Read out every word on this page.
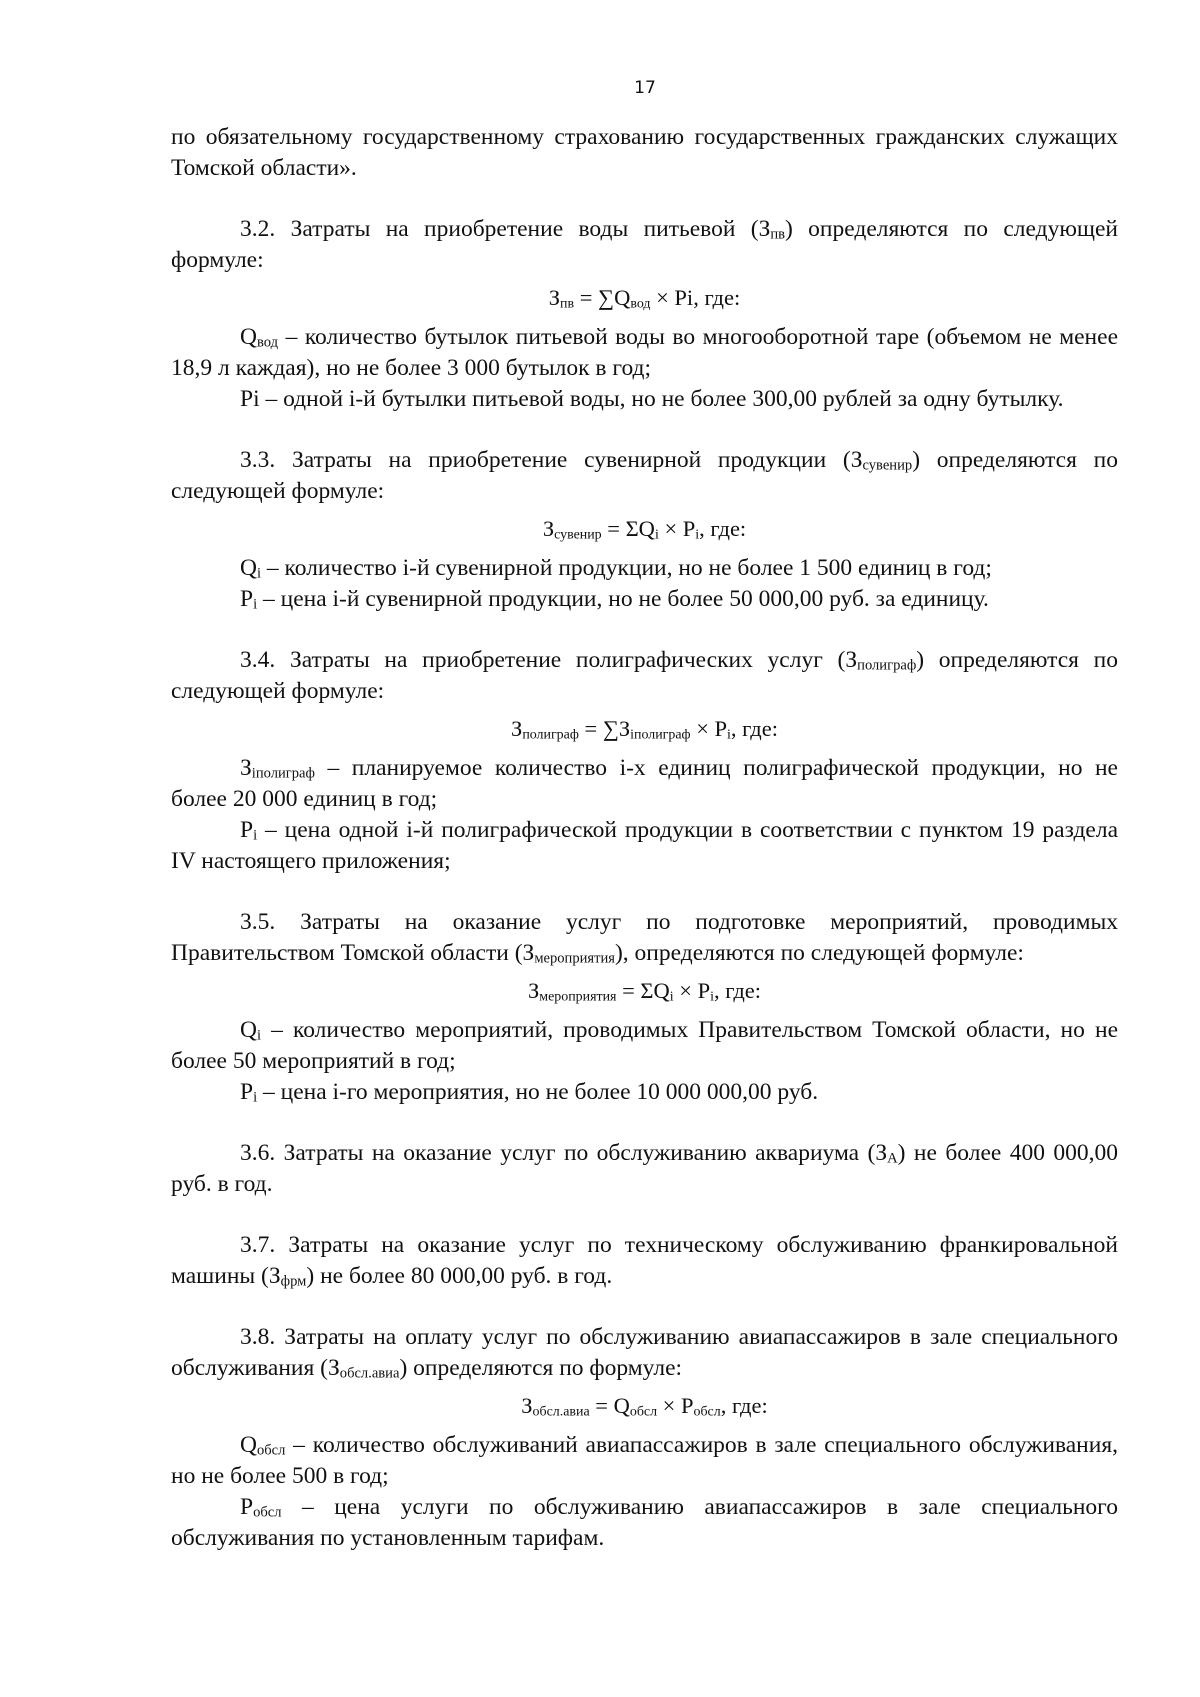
17

по обязательному государственному страхованию государственных гражданских служащих Томской области».

3.2. Затраты на приобретение воды питьевой $(З_{пв})$ определяются по следующей формуле:

$З_{пв} = \sum Q_{вод} \times Pi$, где:

$Q_{вод}$ – количество бутылок питьевой воды во многооборотной таре (объемом не менее 18,9 л каждая), но не более 3 000 бутылок в год;

Pi – одной i-й бутылки питьевой воды, но не более 300,00 рублей за одну бутылку.

3.3. Затраты на приобретение сувенирной продукции $(З_{сувенир})$ определяются по следующей формуле:

$З_{сувенир} = \Sigma Q_i \times P_i$, где:

$Q_i$ – количество i-й сувенирной продукции, но не более 1 500 единиц в год;

$P_i$ – цена i-й сувенирной продукции, но не более 50 000,00 руб. за единицу.

3.4. Затраты на приобретение полиграфических услуг $(З_{полиграф})$ определяются по следующей формуле:

$З_{полиграф} = \sum З_{iполиграф} \times P_i$, где:

$З_{iполиграф}$ – планируемое количество i-х единиц полиграфической продукции, но не более 20 000 единиц в год;

$P_i$ – цена одной i-й полиграфической продукции в соответствии с пунктом 19 раздела IV настоящего приложения;

3.5. Затраты на оказание услуг по подготовке мероприятий, проводимых Правительством Томской области $(З_{мероприятия})$, определяются по следующей формуле:

$З_{мероприятия} = \Sigma Q_i \times P_i$, где:

$Q_i$ – количество мероприятий, проводимых Правительством Томской области, но не более 50 мероприятий в год;

$P_i$ – цена i-го мероприятия, но не более 10 000 000,00 руб.

3.6. Затраты на оказание услуг по обслуживанию аквариума $(З_А)$ не более 400 000,00 руб. в год.

3.7. Затраты на оказание услуг по техническому обслуживанию франкировальной машины $(З_{фрм})$ не более 80 000,00 руб. в год.

3.8. Затраты на оплату услуг по обслуживанию авиапассажиров в зале специального обслуживания $(З_{обсл.авиа})$ определяются по формуле:

$З_{обсл.авиа} = Q_{обсл} \times P_{обсл}$, где:

$Q_{обсл}$ – количество обслуживаний авиапассажиров в зале специального обслуживания, но не более 500 в год;

$P_{обсл}$ – цена услуги по обслуживанию авиапассажиров в зале специального обслуживания по установленным тарифам.
